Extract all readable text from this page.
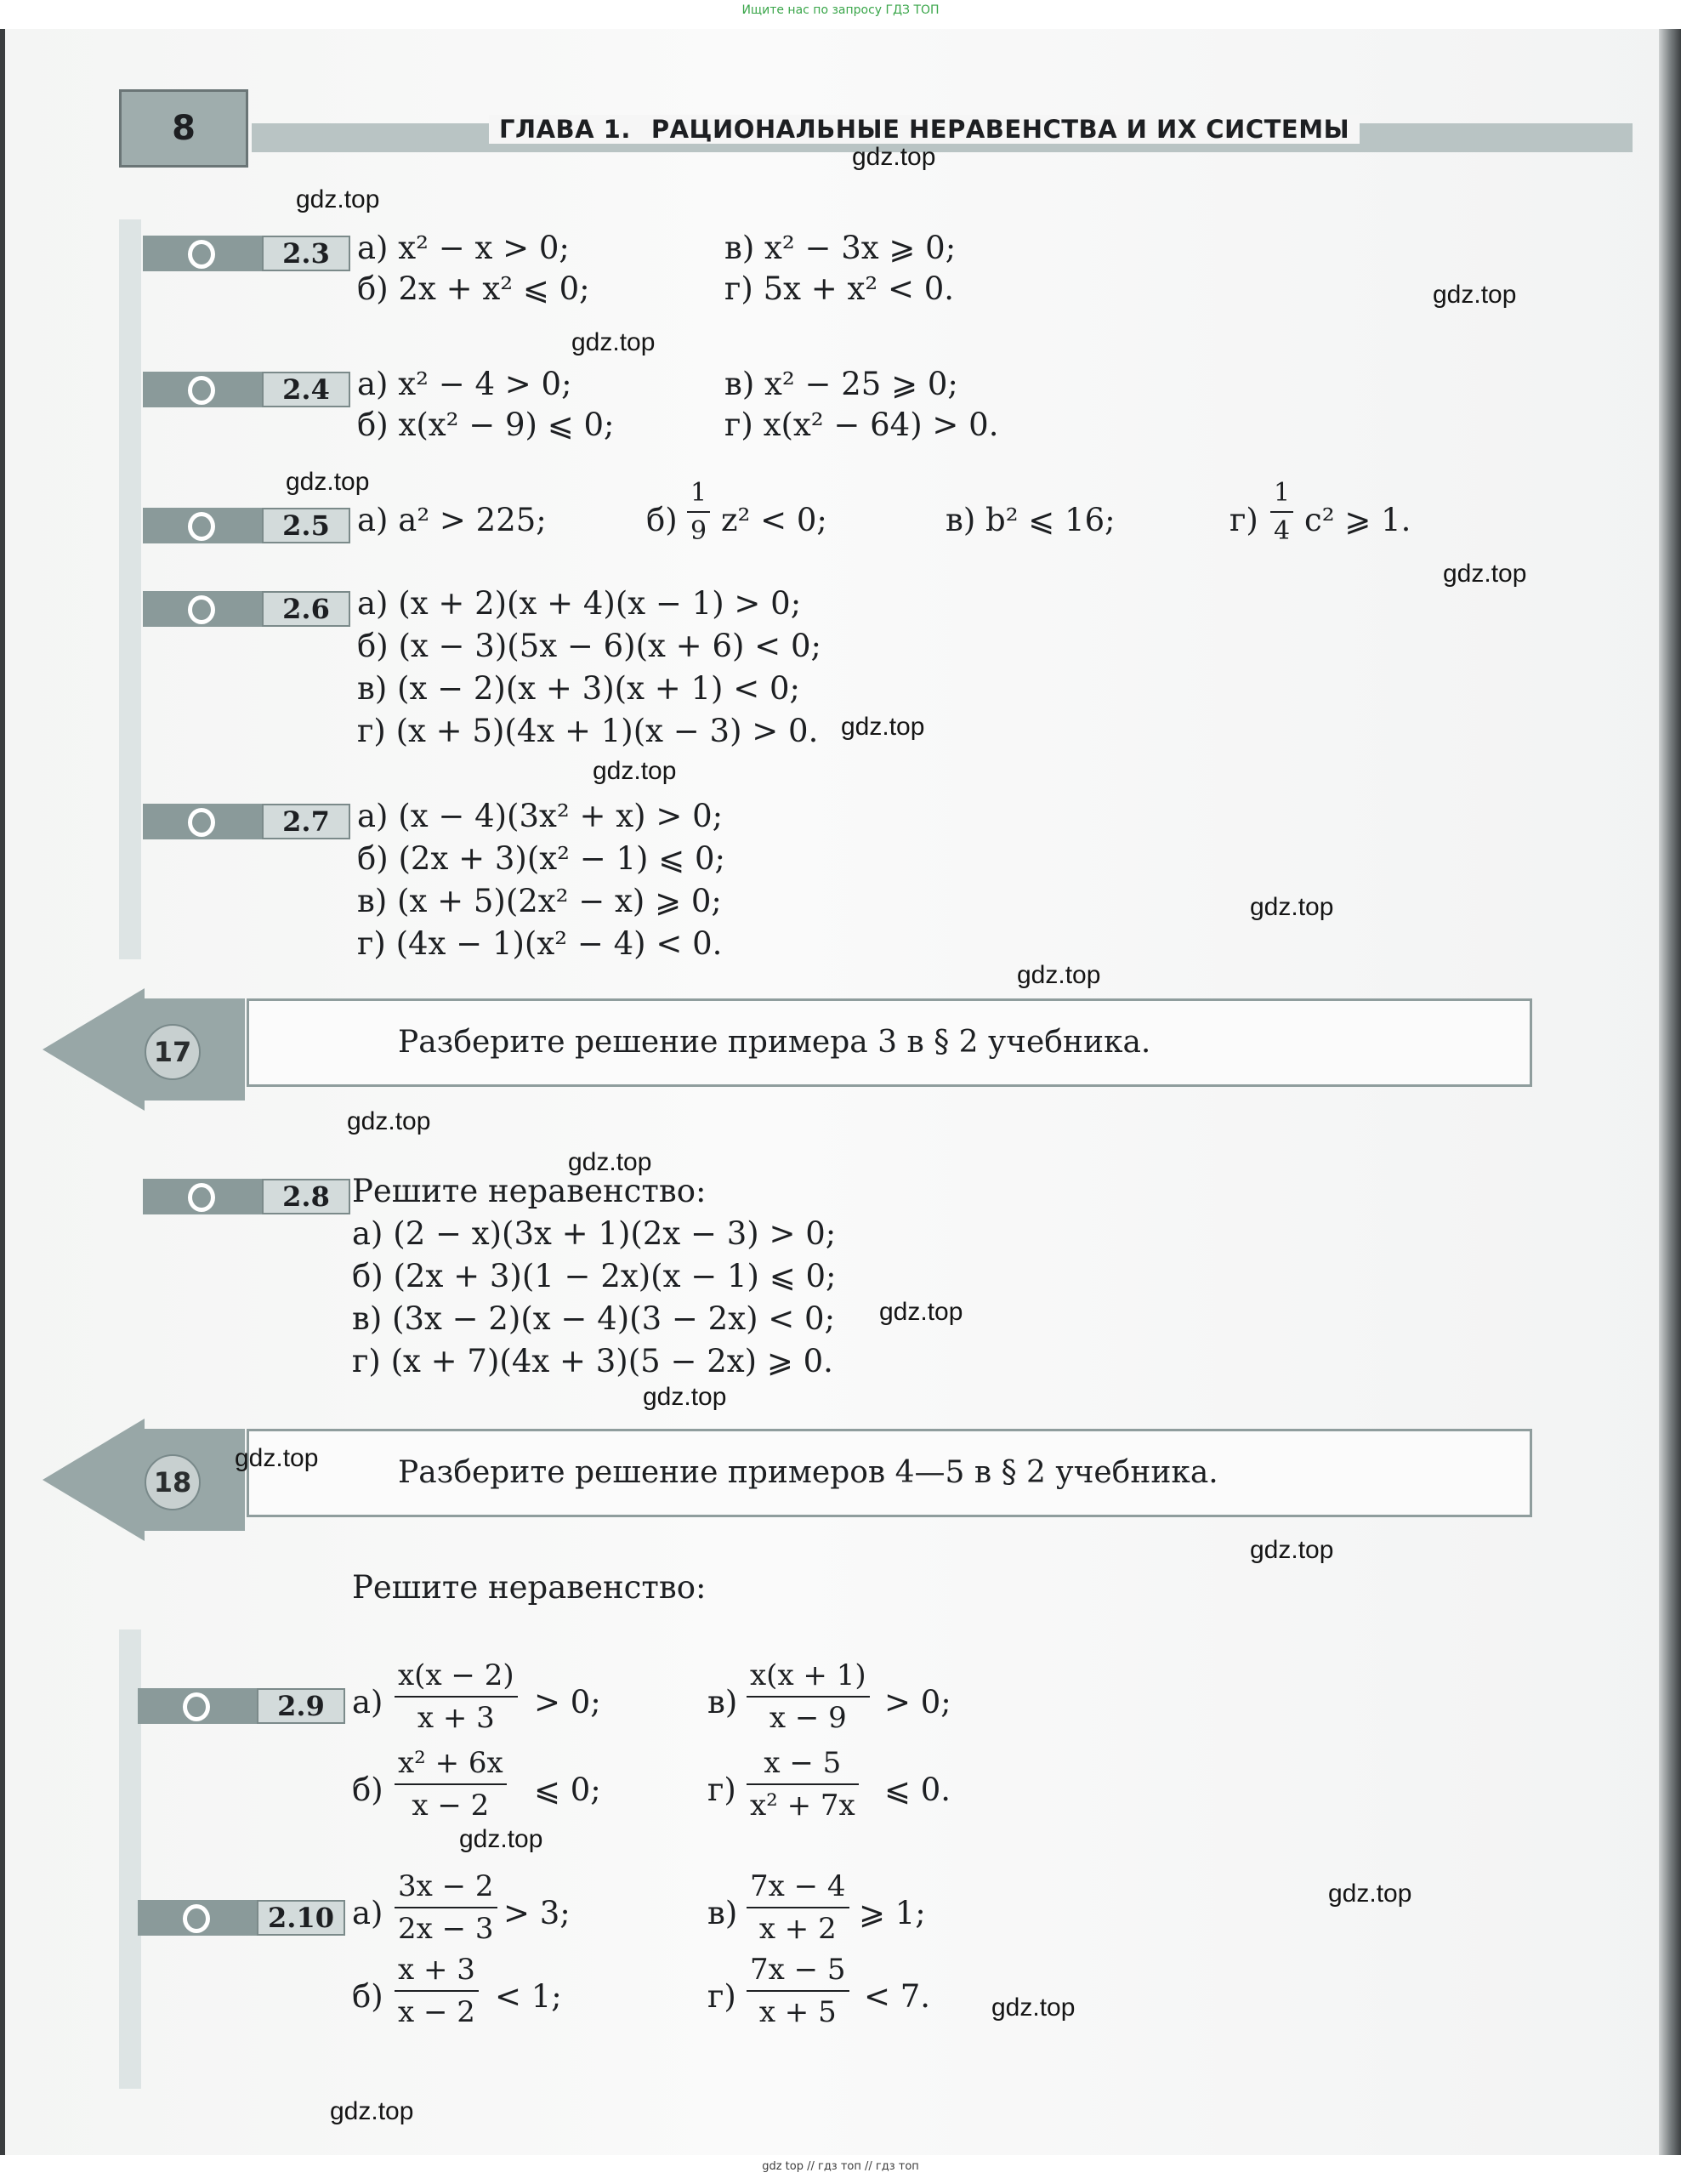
Ищите нас по запросу ГДЗ ТОП
8	ГЛАВА 1. РАЦИОНАЛЬНЫЕ НЕРАВЕНСТВА И ИХ СИСТЕМЫ
2.3 а) x² − x > 0;	в) x² − 3x ⩾ 0;
б) 2x + x² ⩽ 0;	г) 5x + x² < 0.
2.4 а) x² − 4 > 0;	в) x² − 25 ⩾ 0;
б) x(x² − 9) ⩽ 0;	г) x(x² − 64) > 0.
2.5 а) a² > 225;	$б) \frac{1}{9} z^2 < 0$;	в) b² ⩽ 16;	$г) \frac{1}{4} c^2$ ⩾ 1.
2.6 а) (x + 2)(x + 4)(x − 1) > 0;
б) (x − 3)(5x − 6)(x + 6) < 0;
в) (x − 2)(x + 3)(x + 1) < 0;
г) (x + 5)(4x + 1)(x − 3) > 0.
2.7 а) (x − 4)(3x² + x) > 0;
б) (2x + 3)(x² − 1) ⩽ 0;
в) (x + 5)(2x² − x) ⩾ 0;
г) (4x − 1)(x² − 4) < 0.
17	Разберите решение примера 3 в § 2 учебника.
2.8 Решите неравенство:
а) (2 − x)(3x + 1)(2x − 3) > 0;
б) (2x + 3)(1 − 2x)(x − 1) ⩽ 0;
в) (3x − 2)(x − 4)(3 − 2x) < 0;
г) (x + 7)(4x + 3)(5 − 2x) ⩾ 0.
18	Разберите решение примеров 4—5 в § 2 учебника.
Решите неравенство:
2.9 $а) \frac{x(x - 2)}{x + 3} > 0$;	$в) \frac{x(x + 1)}{x - 9} > 0$;
$б) \frac{\text{x² + 6x}}{x - 2}$ ⩽ 0;	$г) \frac{x - 5}{\text{x² + 7x}}$ ⩽ 0.
2.10 $а) \frac{3x - 2}{2x - 3} > 3$;	$в) \frac{7x - 4}{x + 2}$ ⩾ 1;
$б) \frac{x + 3}{x - 2} < 1$;	$г) \frac{7x - 5}{x + 5} < 7$.
gdz.top
gdz.top
gdz.top
gdz.top
gdz.top
gdz.top
gdz.top
gdz.top
gdz.top
gdz.top
gdz.top
gdz.top
gdz.top
gdz.top
gdz.top
gdz.top
gdz.top
gdz.top
gdz.top
gdz.top
gdz top // гдз топ // гдз топ
